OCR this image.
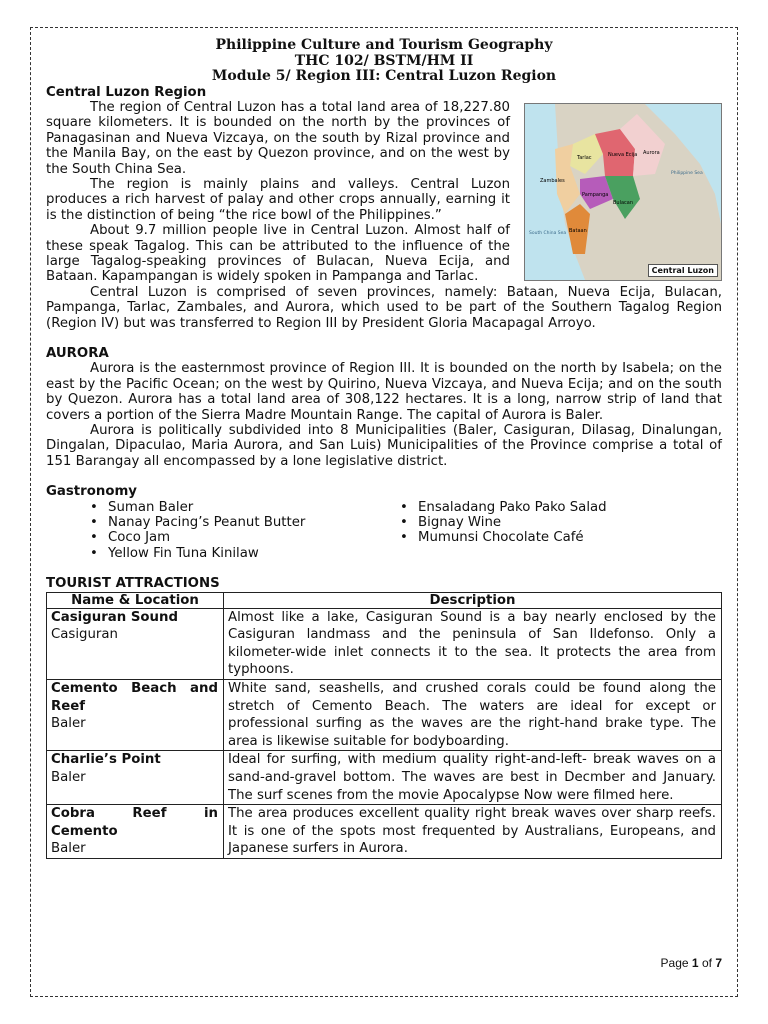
Philippine Culture and Tourism Geography
THC 102/ BSTM/HM II
Module 5/ Region III: Central Luzon Region
Central Luzon Region
Tarlac	Nueva Ecija Aurora
Zambales
Pampanga
Bulacan
Bataan
South China Sea
Philippine Sea
Central Luzon

The region of Central Luzon has a total land area of 18,227.80 square kilometers. It is bounded on the north by the provinces of Panagasinan and Nueva Vizcaya, on the south by Rizal province and the Manila Bay, on the east by Quezon province, and on the west by the South China Sea.

The region is mainly plains and valleys. Central Luzon produces a rich harvest of palay and other crops annually, earning it is the distinction of being “the rice bowl of the Philippines.”

About 9.7 million people live in Central Luzon. Almost half of these speak Tagalog. This can be attributed to the influence of the large Tagalog-speaking provinces of Bulacan, Nueva Ecija, and Bataan. Kapampangan is widely spoken in Pampanga and Tarlac.

Central Luzon is comprised of seven provinces, namely: Bataan, Nueva Ecija, Bulacan, Pampanga, Tarlac, Zambales, and Aurora, which used to be part of the Southern Tagalog Region (Region IV) but was transferred to Region III by President Gloria Macapagal Arroyo.

AURORA

Aurora is the easternmost province of Region III. It is bounded on the north by Isabela; on the east by the Pacific Ocean; on the west by Quirino, Nueva Vizcaya, and Nueva Ecija; and on the south by Quezon. Aurora has a total land area of 308,122 hectares. It is a long, narrow strip of land that covers a portion of the Sierra Madre Mountain Range. The capital of Aurora is Baler.

Aurora is politically subdivided into 8 Municipalities (Baler, Casiguran, Dilasag, Dinalungan, Dingalan, Dipaculao, Maria Aurora, and San Luis) Municipalities of the Province comprise a total of 151 Barangay all encompassed by a lone legislative district.

Gastronomy
• Suman Baler
• Nanay Pacing’s Peanut Butter
• Coco Jam
• Yellow Fin Tuna Kinilaw
• Ensaladang Pako Pako Salad
• Bignay Wine
• Mumunsi Chocolate Café
TOURIST ATTRACTIONS
Name & Location	Description

Casiguran Sound
Casiguran	Almost like a lake, Casiguran Sound is a bay nearly enclosed by the Casiguran landmass and the peninsula of San Ildefonso. Only a kilometer-wide inlet connects it to the sea. It protects the area from typhoons.

Cemento Beach and Reef
Baler	White sand, seashells, and crushed corals could be found along the stretch of Cemento Beach. The waters are ideal for except or professional surfing as the waves are the right-hand brake type. The area is likewise suitable for bodyboarding.

Charlie’s Point
Baler	Ideal for surfing, with medium quality right-and-left- break waves on a sand-and-gravel bottom. The waves are best in Decmber and January. The surf scenes from the movie Apocalypse Now were filmed here.

Cobra Reef in Cemento
Baler	The area produces excellent quality right break waves over sharp reefs. It is one of the spots most frequented by Australians, Europeans, and Japanese surfers in Aurora.
Page 1 of 7
